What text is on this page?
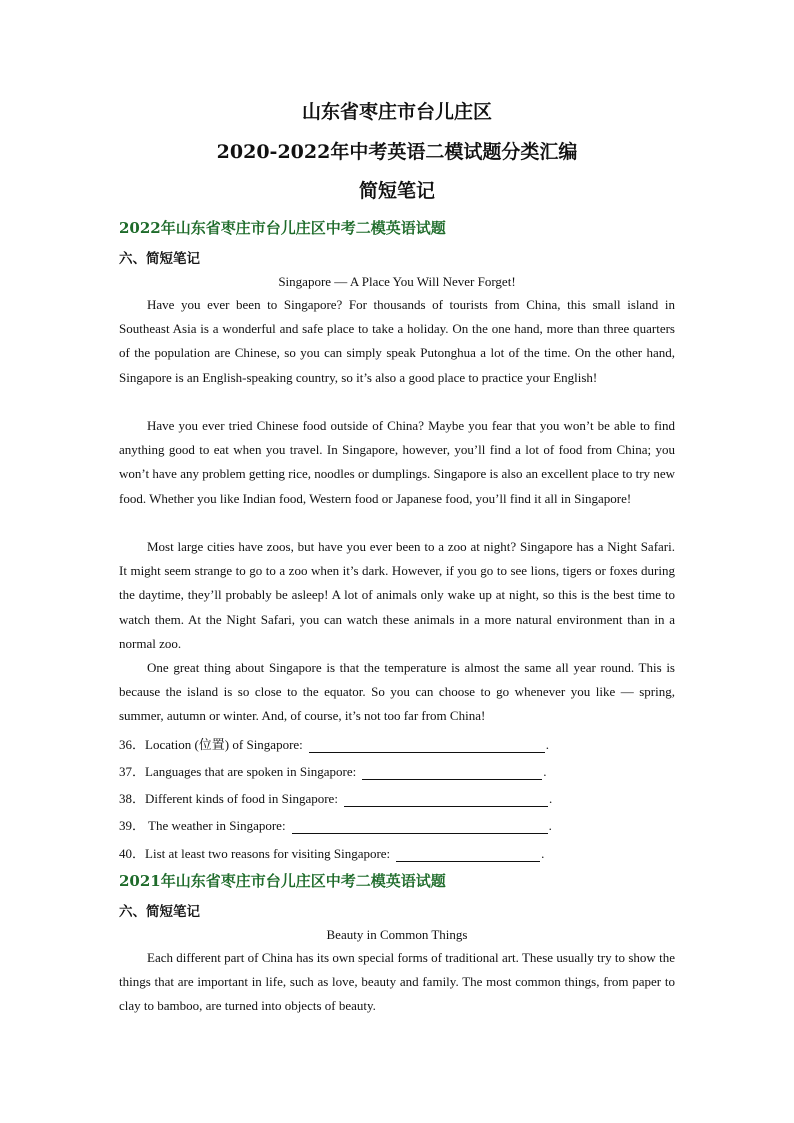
山东省枣庄市台儿庄区
2020-2022年中考英语二模试题分类汇编
简短笔记
2022年山东省枣庄市台儿庄区中考二模英语试题
六、简短笔记
Singapore — A Place You Will Never Forget!
Have you ever been to Singapore? For thousands of tourists from China, this small island in Southeast Asia is a wonderful and safe place to take a holiday. On the one hand, more than three quarters of the population are Chinese, so you can simply speak Putonghua a lot of the time. On the other hand, Singapore is an English-speaking country, so it’s also a good place to practice your English!
Have you ever tried Chinese food outside of China? Maybe you fear that you won’t be able to find anything good to eat when you travel. In Singapore, however, you’ll find a lot of food from China; you won’t have any problem getting rice, noodles or dumplings. Singapore is also an excellent place to try new food. Whether you like Indian food, Western food or Japanese food, you’ll find it all in Singapore!
Most large cities have zoos, but have you ever been to a zoo at night? Singapore has a Night Safari. It might seem strange to go to a zoo when it’s dark. However, if you go to see lions, tigers or foxes during the daytime, they’ll probably be asleep! A lot of animals only wake up at night, so this is the best time to watch them. At the Night Safari, you can watch these animals in a more natural environment than in a normal zoo.
One great thing about Singapore is that the temperature is almost the same all year round. This is because the island is so close to the equator. So you can choose to go whenever you like — spring, summer, autumn or winter. And, of course, it’s not too far from China!
36． Location (位置) of Singapore:	.
37． Languages that are spoken in Singapore:	.
38． Different kinds of food in Singapore:	.
39． The weather in Singapore:	.
40． List at least two reasons for visiting Singapore:	.
2021年山东省枣庄市台儿庄区中考二模英语试题
六、简短笔记
Beauty in Common Things
Each different part of China has its own special forms of traditional art. These usually try to show the things that are important in life, such as love, beauty and family. The most common things, from paper to clay to bamboo, are turned into objects of beauty.
